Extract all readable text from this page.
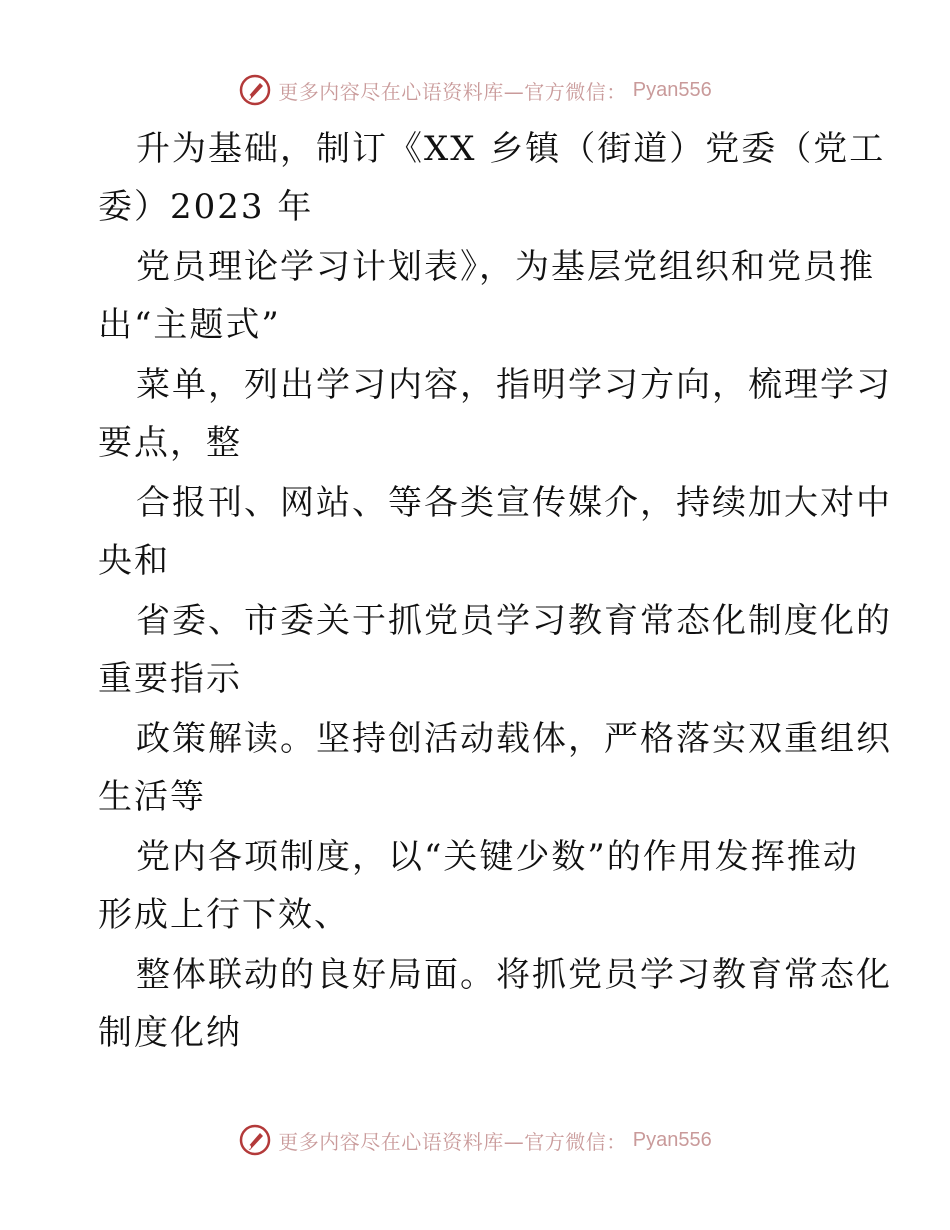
更多内容尽在心语资料库—官方微信： Pyan556
升为基础，制订《XX 乡镇（街道）党委（党工
委）2023 年
党员理论学习计划表》，为基层党组织和党员推
出“主题式”
菜单，列出学习内容，指明学习方向，梳理学习
要点，整
合报刊、网站、等各类宣传媒介，持续加大对中
央和
省委、市委关于抓党员学习教育常态化制度化的
重要指示
政策解读。坚持创活动载体，严格落实双重组织
生活等
党内各项制度，以“关键少数”的作用发挥推动
形成上行下效、
整体联动的良好局面。将抓党员学习教育常态化
制度化纳
更多内容尽在心语资料库—官方微信： Pyan556
